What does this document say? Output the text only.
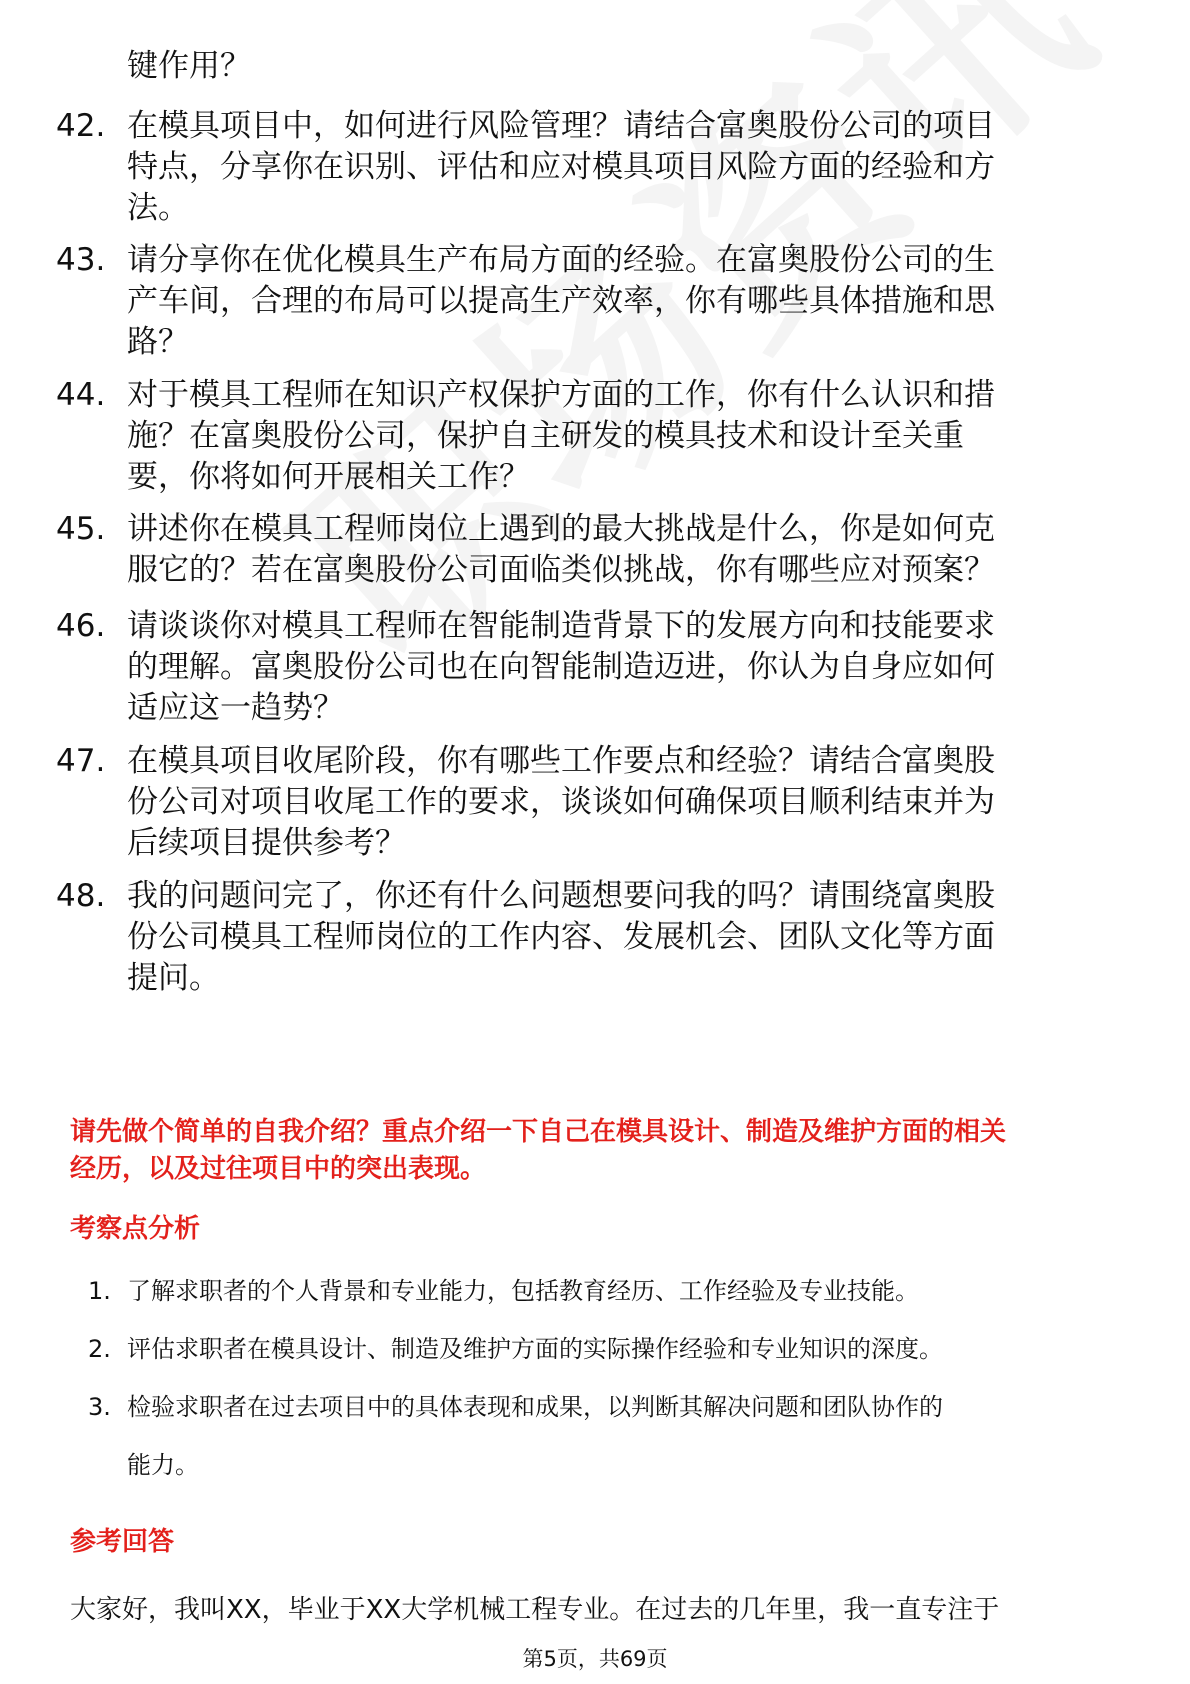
键作用？
42. 在模具项目中，如何进行风险管理？请结合富奥股份公司的项目
特点，分享你在识别、评估和应对模具项目风险方面的经验和方
法。
43. 请分享你在优化模具生产布局方面的经验。在富奥股份公司的生
产车间，合理的布局可以提高生产效率，你有哪些具体措施和思
路？
44. 对于模具工程师在知识产权保护方面的工作，你有什么认识和措
施？在富奥股份公司，保护自主研发的模具技术和设计至关重
要，你将如何开展相关工作？
45. 讲述你在模具工程师岗位上遇到的最大挑战是什么，你是如何克
服它的？若在富奥股份公司面临类似挑战，你有哪些应对预案？
46. 请谈谈你对模具工程师在智能制造背景下的发展方向和技能要求
的理解。富奥股份公司也在向智能制造迈进，你认为自身应如何
适应这一趋势？
47. 在模具项目收尾阶段，你有哪些工作要点和经验？请结合富奥股
份公司对项目收尾工作的要求，谈谈如何确保项目顺利结束并为
后续项目提供参考？
48. 我的问题问完了，你还有什么问题想要问我的吗？请围绕富奥股
份公司模具工程师岗位的工作内容、发展机会、团队文化等方面
提问。
请先做个简单的自我介绍？重点介绍一下自己在模具设计、制造及维护方面的相关
经历，以及过往项目中的突出表现。
考察点分析
1. 了解求职者的个人背景和专业能力，包括教育经历、工作经验及专业技能。
2. 评估求职者在模具设计、制造及维护方面的实际操作经验和专业知识的深度。
3. 检验求职者在过去项目中的具体表现和成果，以判断其解决问题和团队协作的
能力。
参考回答
大家好，我叫XX，毕业于XX大学机械工程专业。在过去的几年里，我一直专注于
第5页，共69页
